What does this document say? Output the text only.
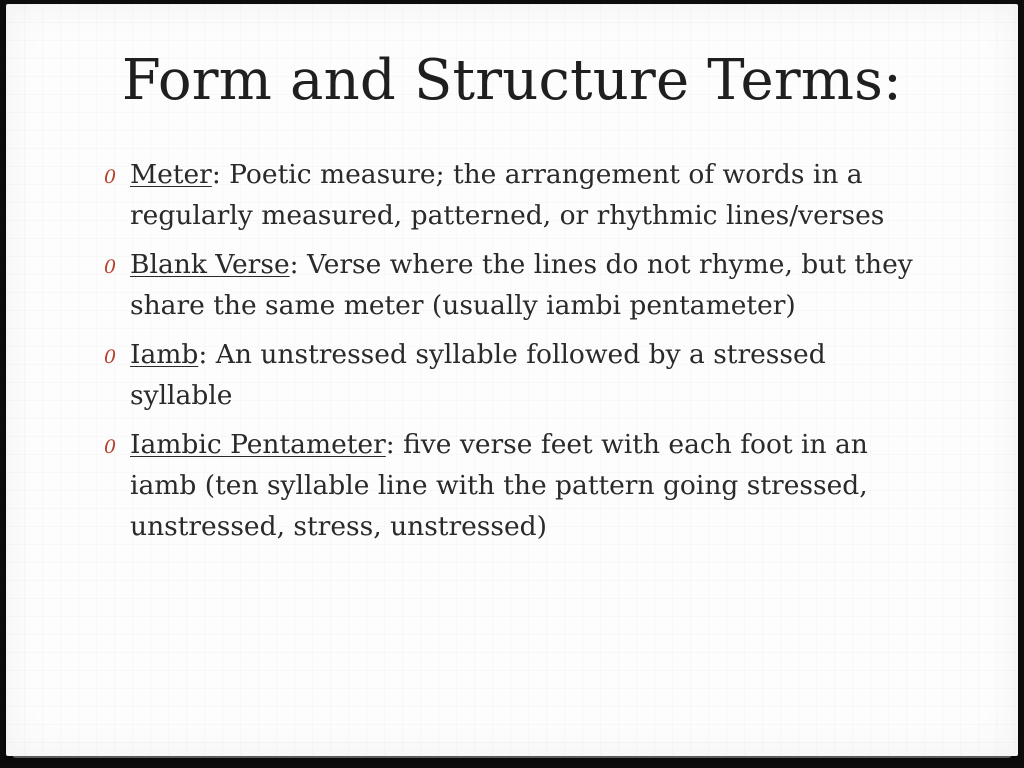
Form and Structure Terms:
0 Meter: Poetic measure; the arrangement of words in a regularly measured, patterned, or rhythmic lines/verses
0 Blank Verse: Verse where the lines do not rhyme, but they share the same meter (usually iambi pentameter)
0 Iamb: An unstressed syllable followed by a stressed syllable
0 Iambic Pentameter: five verse feet with each foot in an iamb (ten syllable line with the pattern going stressed, unstressed, stress, unstressed)
